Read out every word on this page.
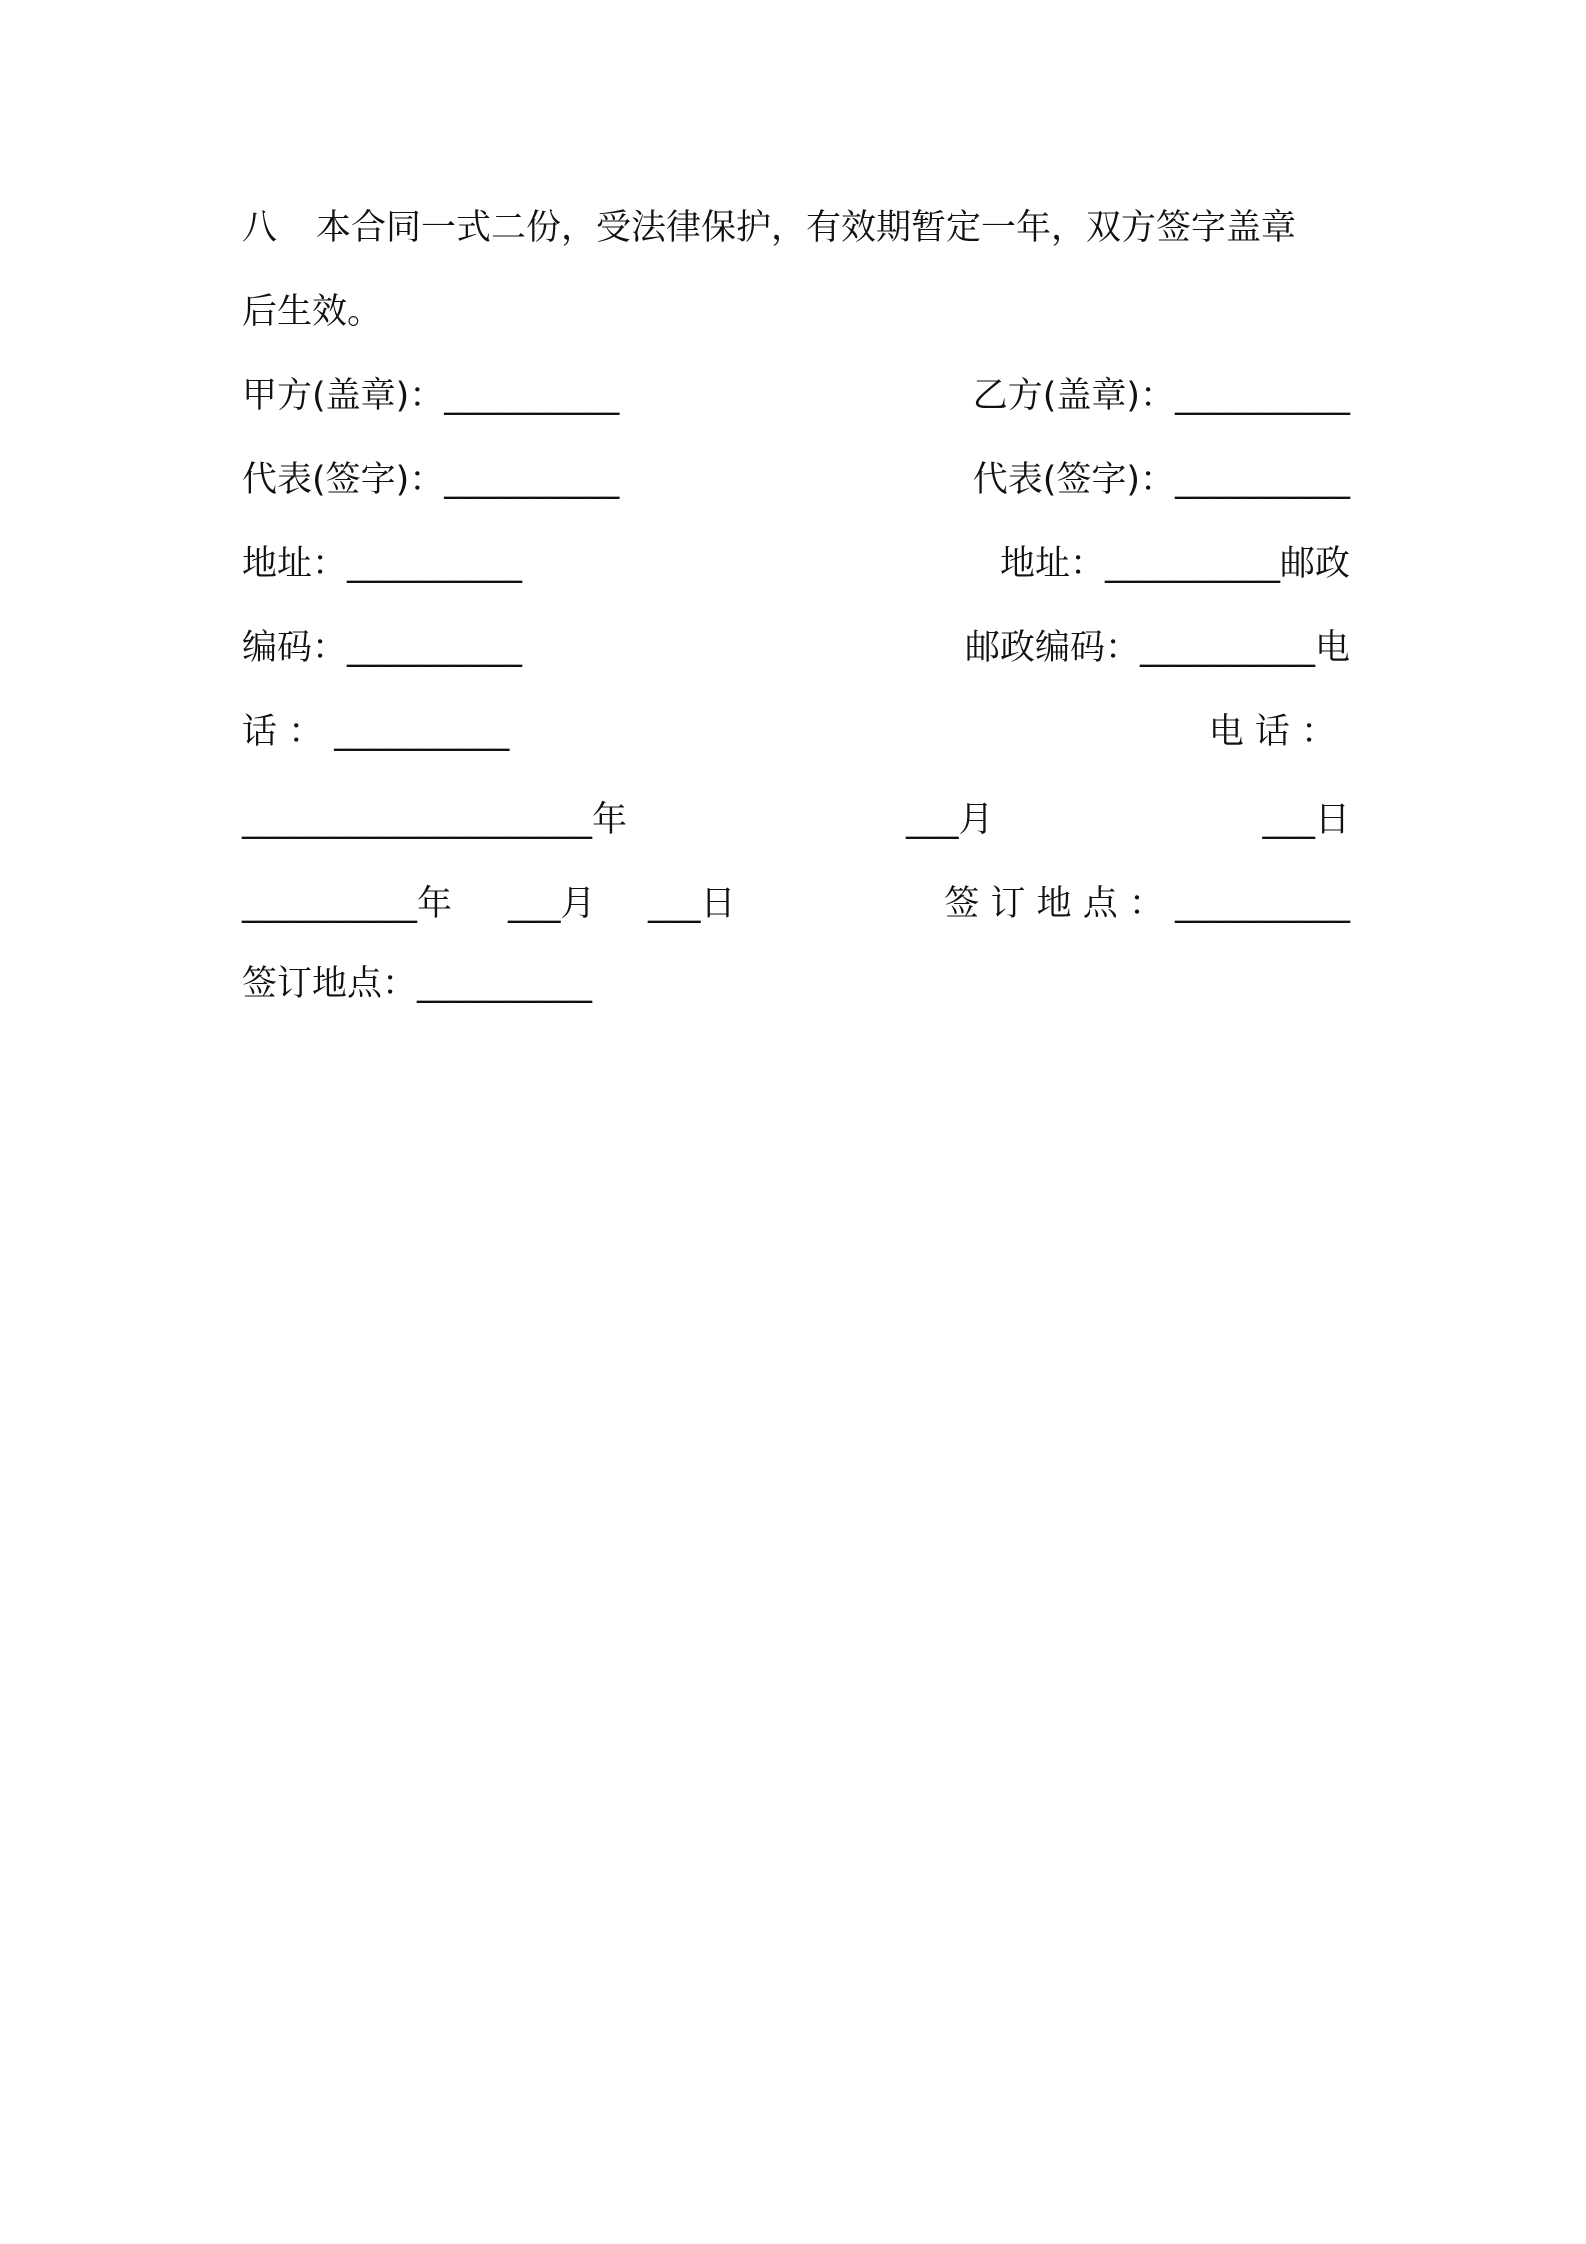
八 本合同一式二份，受法律保护，有效期暂定一年，双方签字盖章
后生效。
甲方(盖章)：__________	乙方(盖章)：__________
代表(签字)：__________	代表(签字)：__________
地址：__________	地址：__________邮政
编码：__________	邮政编码：__________电
话 ： __________	电 话 ：
____________________年	___月	___日
__________年 ___月 ___日	签 订 地 点 ： __________
签订地点：__________
